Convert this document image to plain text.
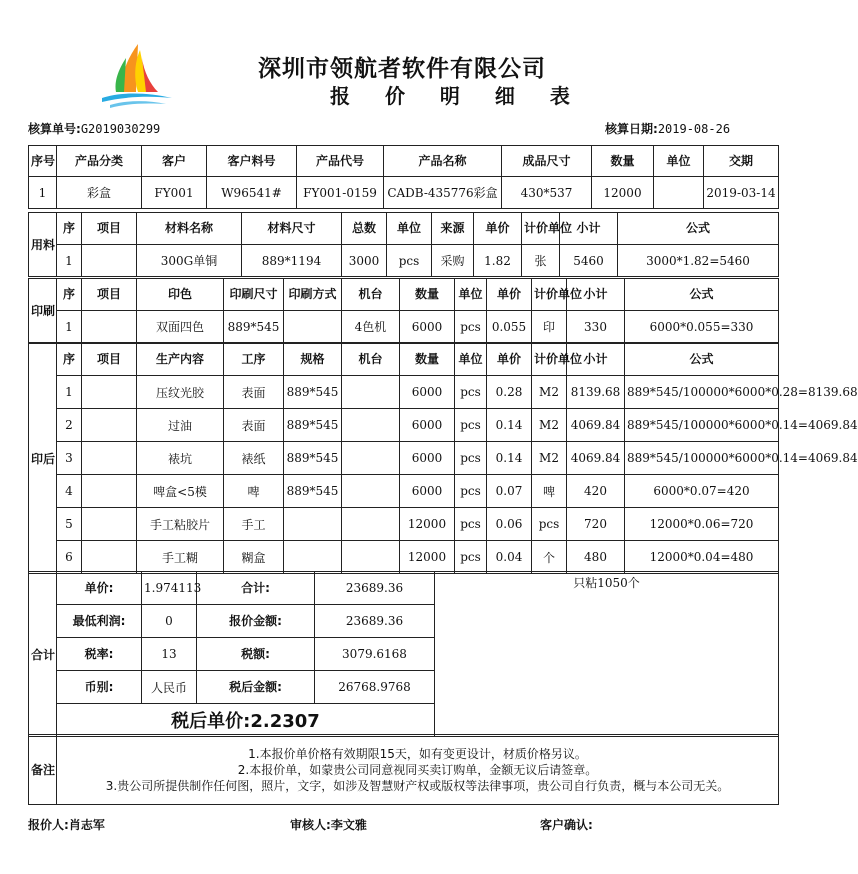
深圳市领航者软件有限公司
报 价 明 细 表
核算单号:G2019030299	核算日期:2019-08-26
序号	产品分类	客户	客户料号	产品代号	产品名称	成品尺寸	数量	单位	交期
1	彩盒	FY001	W96541#	FY001-0159	CADB-435776彩盒	430*537	12000		2019-03-14
用料	序	项目	材料名称	材料尺寸	总数	单位	来源	单价	计价单位	小计	公式
	1		300G单铜	889*1194	3000	pcs	采购	1.82	张	5460	3000*1.82=5460
印刷	序	项目	印色	印刷尺寸	印刷方式	机台	数量	单位	单价	计价单位	小计	公式
	1		双面四色	889*545		4色机	6000	pcs	0.055	印	330	6000*0.055=330
印后	序	项目	生产内容	工序	规格	机台	数量	单位	单价	计价单位	小计	公式
	1		压纹光胶	表面	889*545		6000	pcs	0.28	M2	8139.68	889*545/100000*6000*0.28=8139.68
	2		过油	表面	889*545		6000	pcs	0.14	M2	4069.84	889*545/100000*6000*0.14=4069.84
	3		裱坑	裱纸	889*545		6000	pcs	0.14	M2	4069.84	889*545/100000*6000*0.14=4069.84
	4		啤盒<5模	啤	889*545		6000	pcs	0.07	啤	420	6000*0.07=420
	5		手工粘胶片	手工			12000	pcs	0.06	pcs	720	12000*0.06=720
	6		手工糊	糊盒			12000	pcs	0.04	个	480	12000*0.04=480
合计	单价:	1.974113	合计:	23689.36	只粘1050个
	最低利润:	0	报价金额:	23689.36	
	税率:	13	税额:	3079.6168	
	币别:	人民币	税后金额:	26768.9768	
	税后单价:2.2307				
备注	
1.本报价单价格有效期限15天，如有变更设计，材质价格另议。
2.本报价单，如蒙贵公司同意视同买卖订购单，金额无议后请签章。
3.贵公司所提供制作任何图，照片，文字，如涉及智慧财产权或版权等法律事项，贵公司自行负责，概与本公司无关。
报价人:肖志军	审核人:李文雅	客户确认:
